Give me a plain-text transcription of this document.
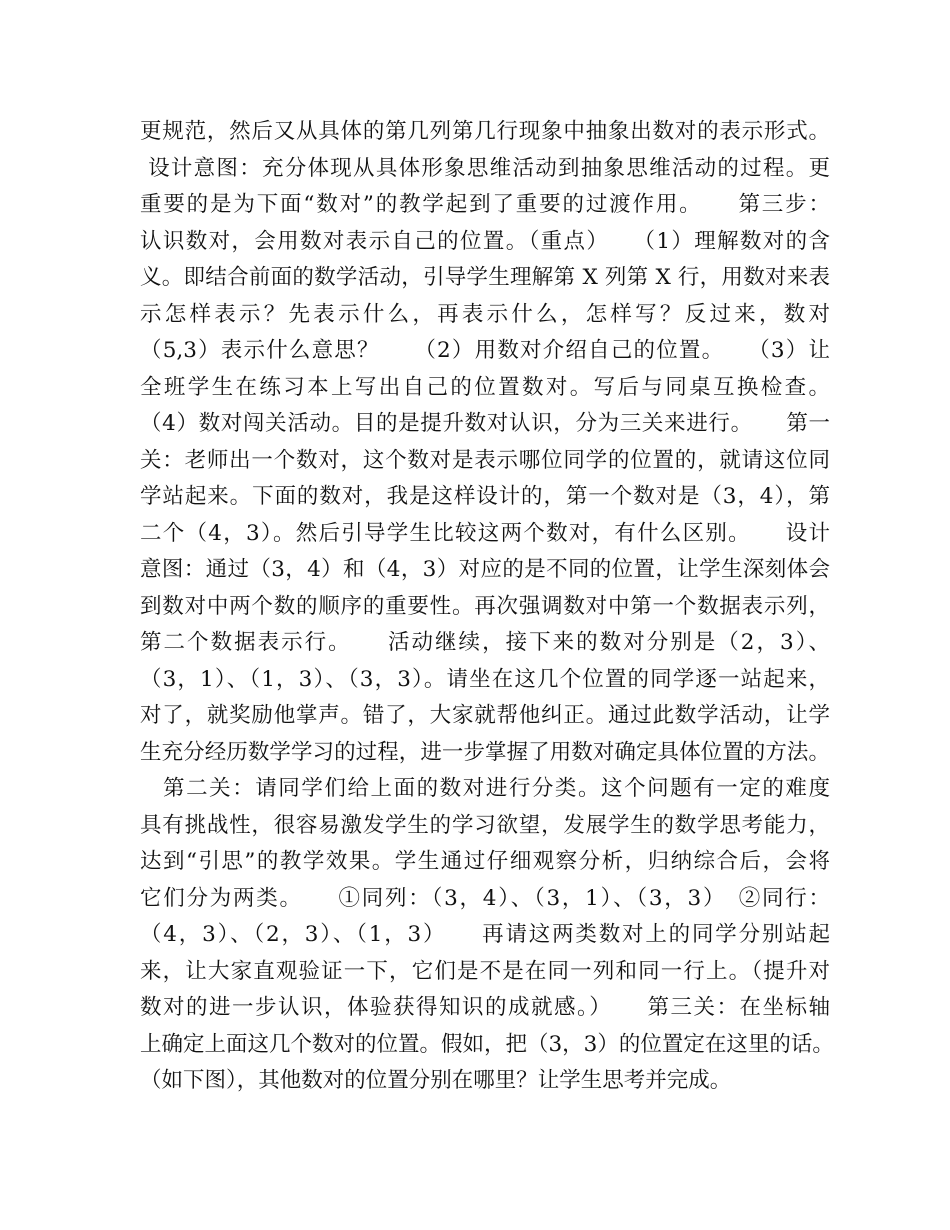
更规范，然后又从具体的第几列第几行现象中抽象出数对的表示形式。
设计意图：充分体现从具体形象思维活动到抽象思维活动的过程。更
重要的是为下面“数对”的教学起到了重要的过渡作用。　　第三步：
认识数对，会用数对表示自己的位置。（重点）　　（1）理解数对的含
义。即结合前面的数学活动，引导学生理解第 X 列第 X 行，用数对来表
示怎样表示？先表示什么，再表示什么，怎样写？反过来，数对
（5,3）表示什么意思？　　（2）用数对介绍自己的位置。　　（3）让
全班学生在练习本上写出自己的位置数对。写后与同桌互换检查。
（4）数对闯关活动。目的是提升数对认识，分为三关来进行。　　第一
关：老师出一个数对，这个数对是表示哪位同学的位置的，就请这位同
学站起来。下面的数对，我是这样设计的，第一个数对是（3，4），第
二个（4，3）。然后引导学生比较这两个数对，有什么区别。　　设计
意图：通过（3，4）和（4，3）对应的是不同的位置，让学生深刻体会
到数对中两个数的顺序的重要性。再次强调数对中第一个数据表示列，
第二个数据表示行。　　活动继续，接下来的数对分别是（2，3）、
（3，1）、（1，3）、（3，3）。请坐在这几个位置的同学逐一站起来，
对了，就奖励他掌声。错了，大家就帮他纠正。通过此数学活动，让学
生充分经历数学学习的过程，进一步掌握了用数对确定具体位置的方法。
　第二关：请同学们给上面的数对进行分类。这个问题有一定的难度
具有挑战性，很容易激发学生的学习欲望，发展学生的数学思考能力，
达到“引思”的教学效果。学生通过仔细观察分析，归纳综合后，会将
它们分为两类。　　①同列：（3，4）、（3，1）、（3，3）　②同行：
（4，3）、（2，3）、（1，3）　　再请这两类数对上的同学分别站起
来，让大家直观验证一下，它们是不是在同一列和同一行上。（提升对
数对的进一步认识，体验获得知识的成就感。）　　第三关：在坐标轴
上确定上面这几个数对的位置。假如，把（3，3）的位置定在这里的话。
（如下图），其他数对的位置分别在哪里？让学生思考并完成。
